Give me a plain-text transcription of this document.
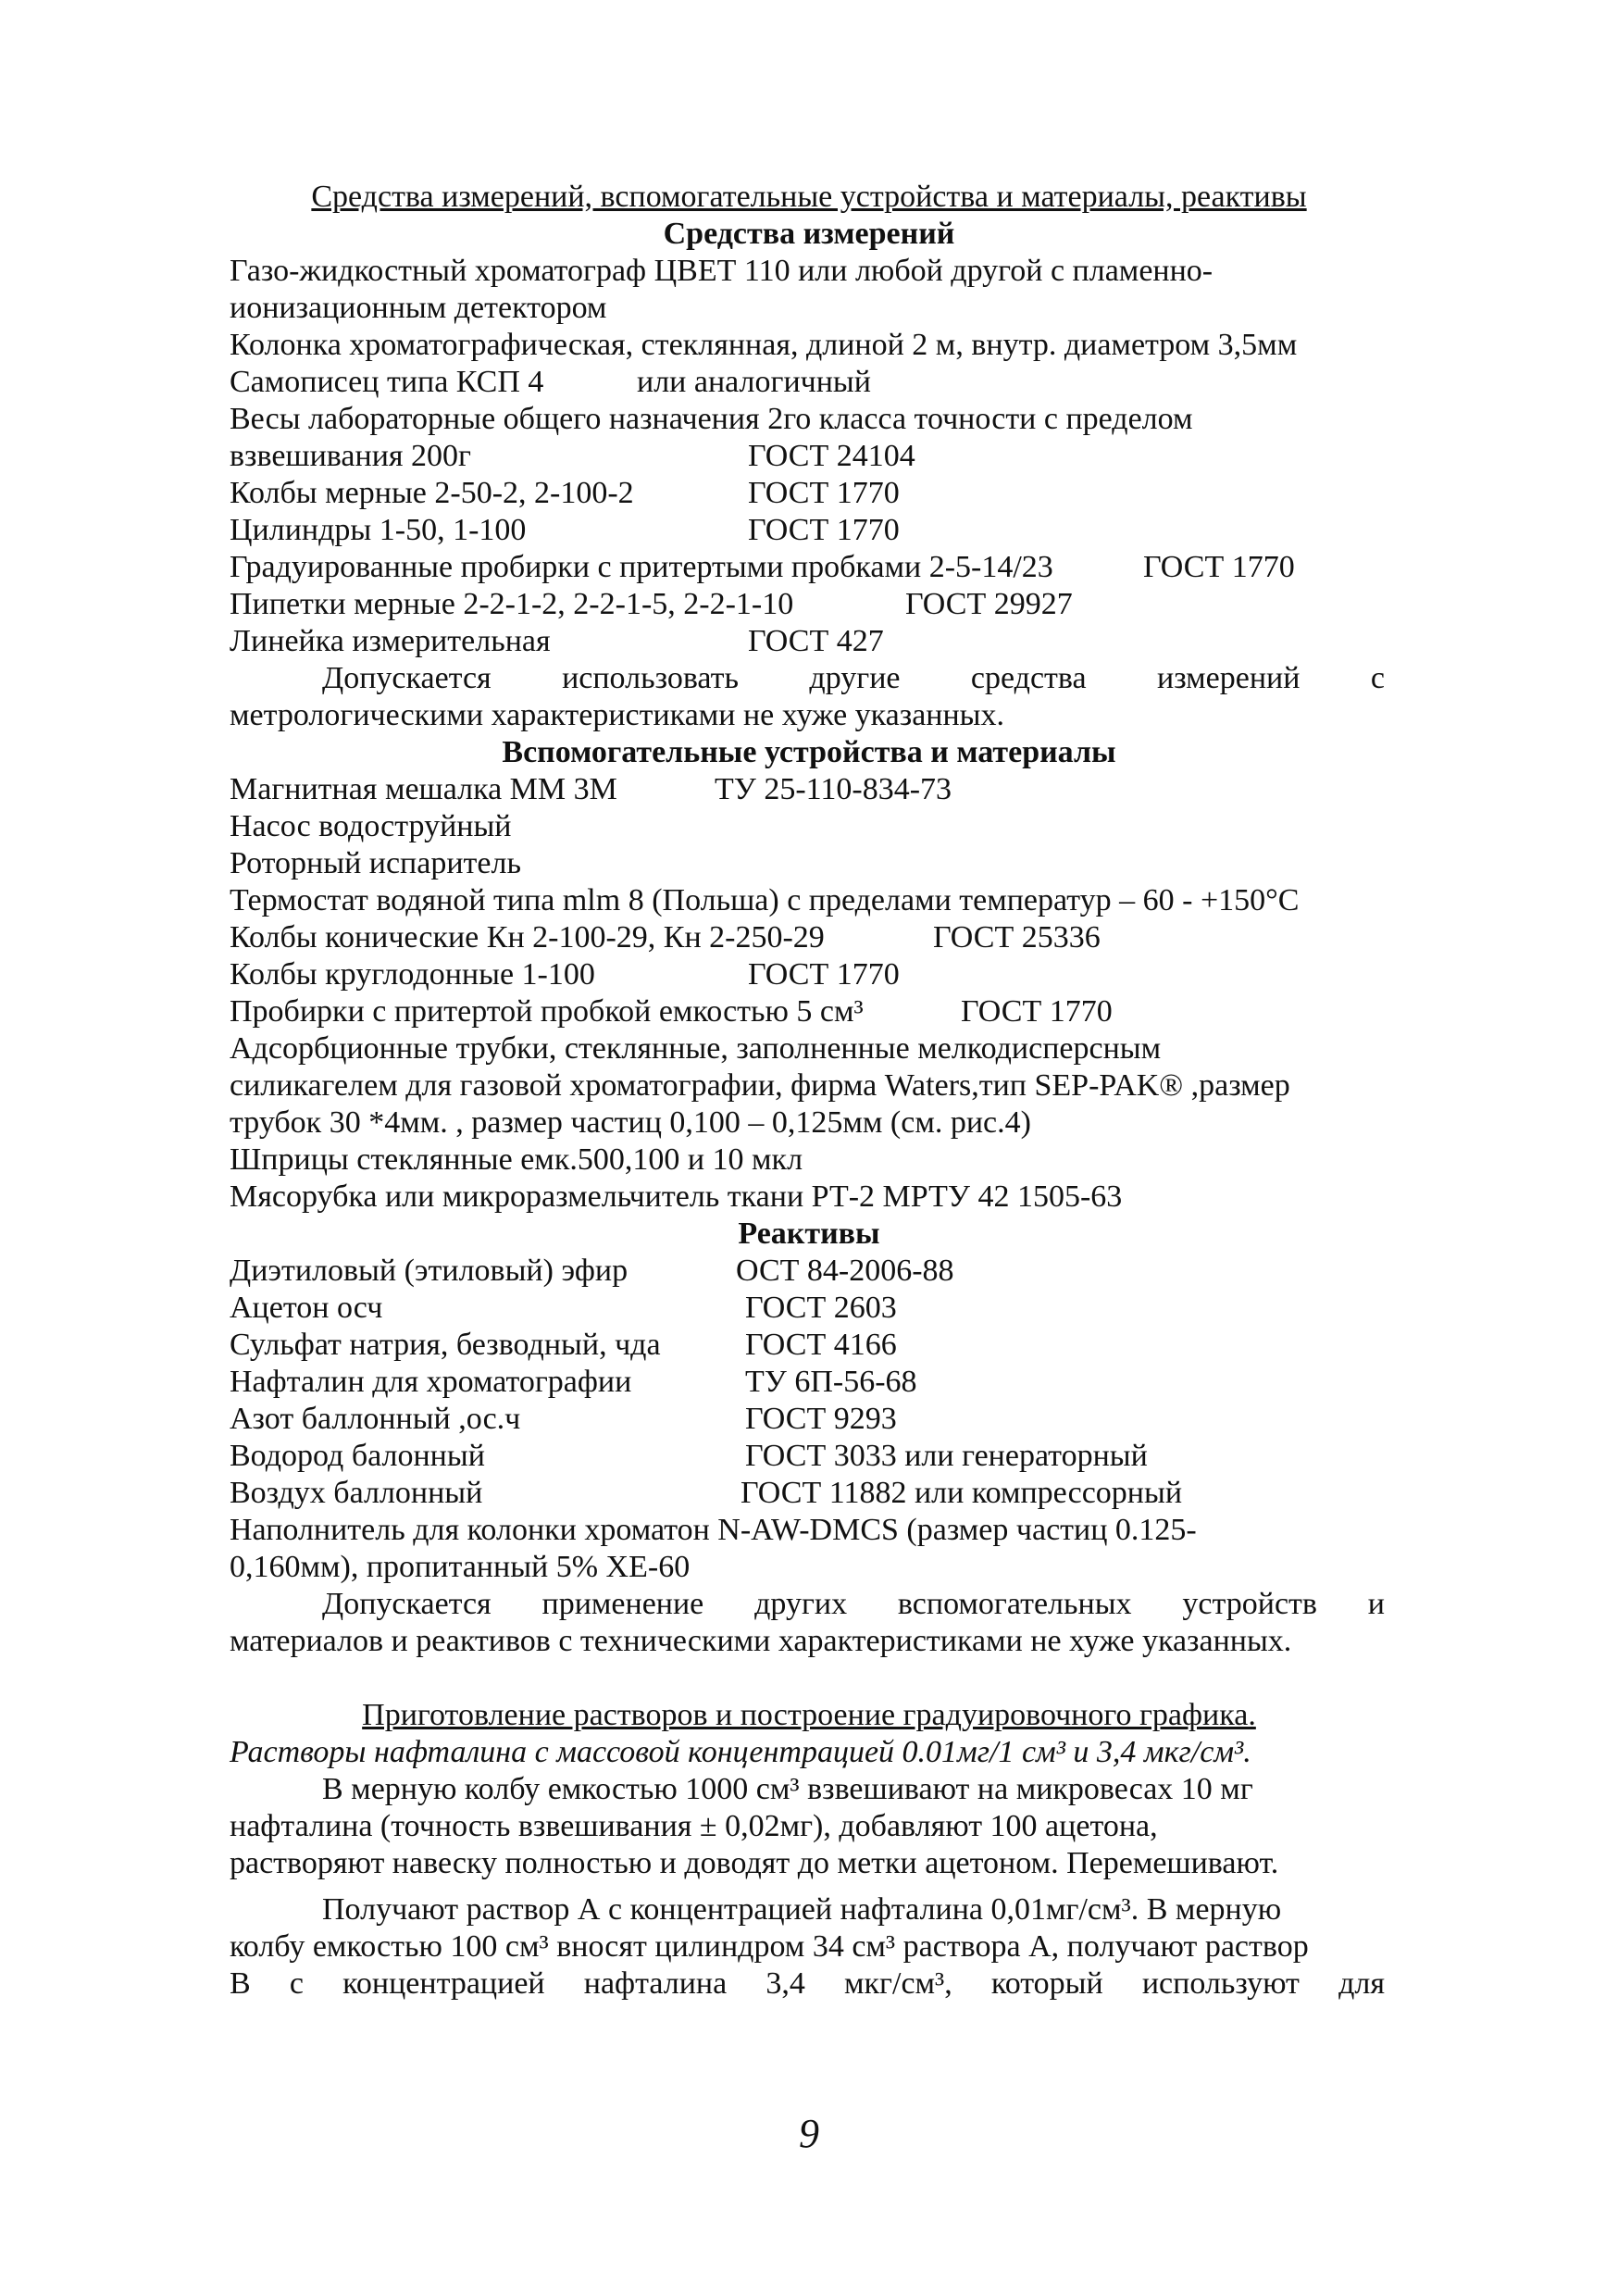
Средства измерений, вспомогательные устройства и материалы, реактивы
Средства измерений
Газо-жидкостный хроматограф ЦВЕТ 110 или любой другой с пламенно-
ионизационным детектором
Колонка хроматографическая, стеклянная, длиной 2 м, внутр. диаметром 3,5мм
Самописец типа КСП 4	или аналогичный
Весы лабораторные общего назначения 2го класса точности с пределом
взвешивания 200г	ГОСТ 24104
Колбы мерные 2-50-2, 2-100-2	ГОСТ 1770
Цилиндры 1-50, 1-100	ГОСТ 1770
Градуированные пробирки с притертыми пробками 2-5-14/23	ГОСТ 1770
Пипетки мерные 2-2-1-2, 2-2-1-5, 2-2-1-10	ГОСТ 29927
Линейка измерительная	ГОСТ 427
Допускается использовать другие средства измерений с
метрологическими характеристиками не хуже указанных.
Вспомогательные устройства и материалы
Магнитная мешалка ММ 3М	ТУ 25-110-834-73
Насос водоструйный
Роторный испаритель
Термостат водяной типа mlm 8 (Польша) с пределами температур – 60 - +150°С
Колбы конические Кн 2-100-29, Кн 2-250-29	ГОСТ 25336
Колбы круглодонные 1-100	ГОСТ 1770
Пробирки с притертой пробкой емкостью 5 см³	ГОСТ 1770
Адсорбционные трубки, стеклянные, заполненные мелкодисперсным
силикагелем для газовой хроматографии, фирма Waters,тип SEP-PAK® ,размер
трубок 30 *4мм. , размер частиц 0,100 – 0,125мм (см. рис.4)
Шприцы стеклянные емк.500,100 и 10 мкл
Мясорубка или микроразмельчитель ткани РТ-2 МРТУ 42 1505-63
Реактивы
Диэтиловый (этиловый) эфир	ОСТ 84-2006-88
Ацетон осч	ГОСТ 2603
Сульфат натрия, безводный, чда	ГОСТ 4166
Нафталин для хроматографии	ТУ 6П-56-68
Азот баллонный ,ос.ч	ГОСТ 9293
Водород балонный	ГОСТ 3033 или генераторный
Воздух баллонный	ГОСТ 11882 или компрессорный
Наполнитель для колонки хроматон N-AW-DMCS (размер частиц 0.125-
0,160мм), пропитанный 5% XE-60
Допускается применение других вспомогательных устройств и
материалов и реактивов с техническими характеристиками не хуже указанных.
Приготовление растворов и построение градуировочного графика.
Растворы нафталина с массовой концентрацией 0.01мг/1 см³ и 3,4 мкг/см³.
В мерную колбу емкостью 1000 см³ взвешивают на микровесах 10 мг
нафталина (точность взвешивания ± 0,02мг), добавляют 100 ацетона,
растворяют навеску полностью и доводят до метки ацетоном. Перемешивают.
Получают раствор А с концентрацией нафталина 0,01мг/см³. В мерную
колбу емкостью 100 см³ вносят цилиндром 34 см³ раствора А, получают раствор
В с концентрацией нафталина 3,4 мкг/см³, который используют для
9
